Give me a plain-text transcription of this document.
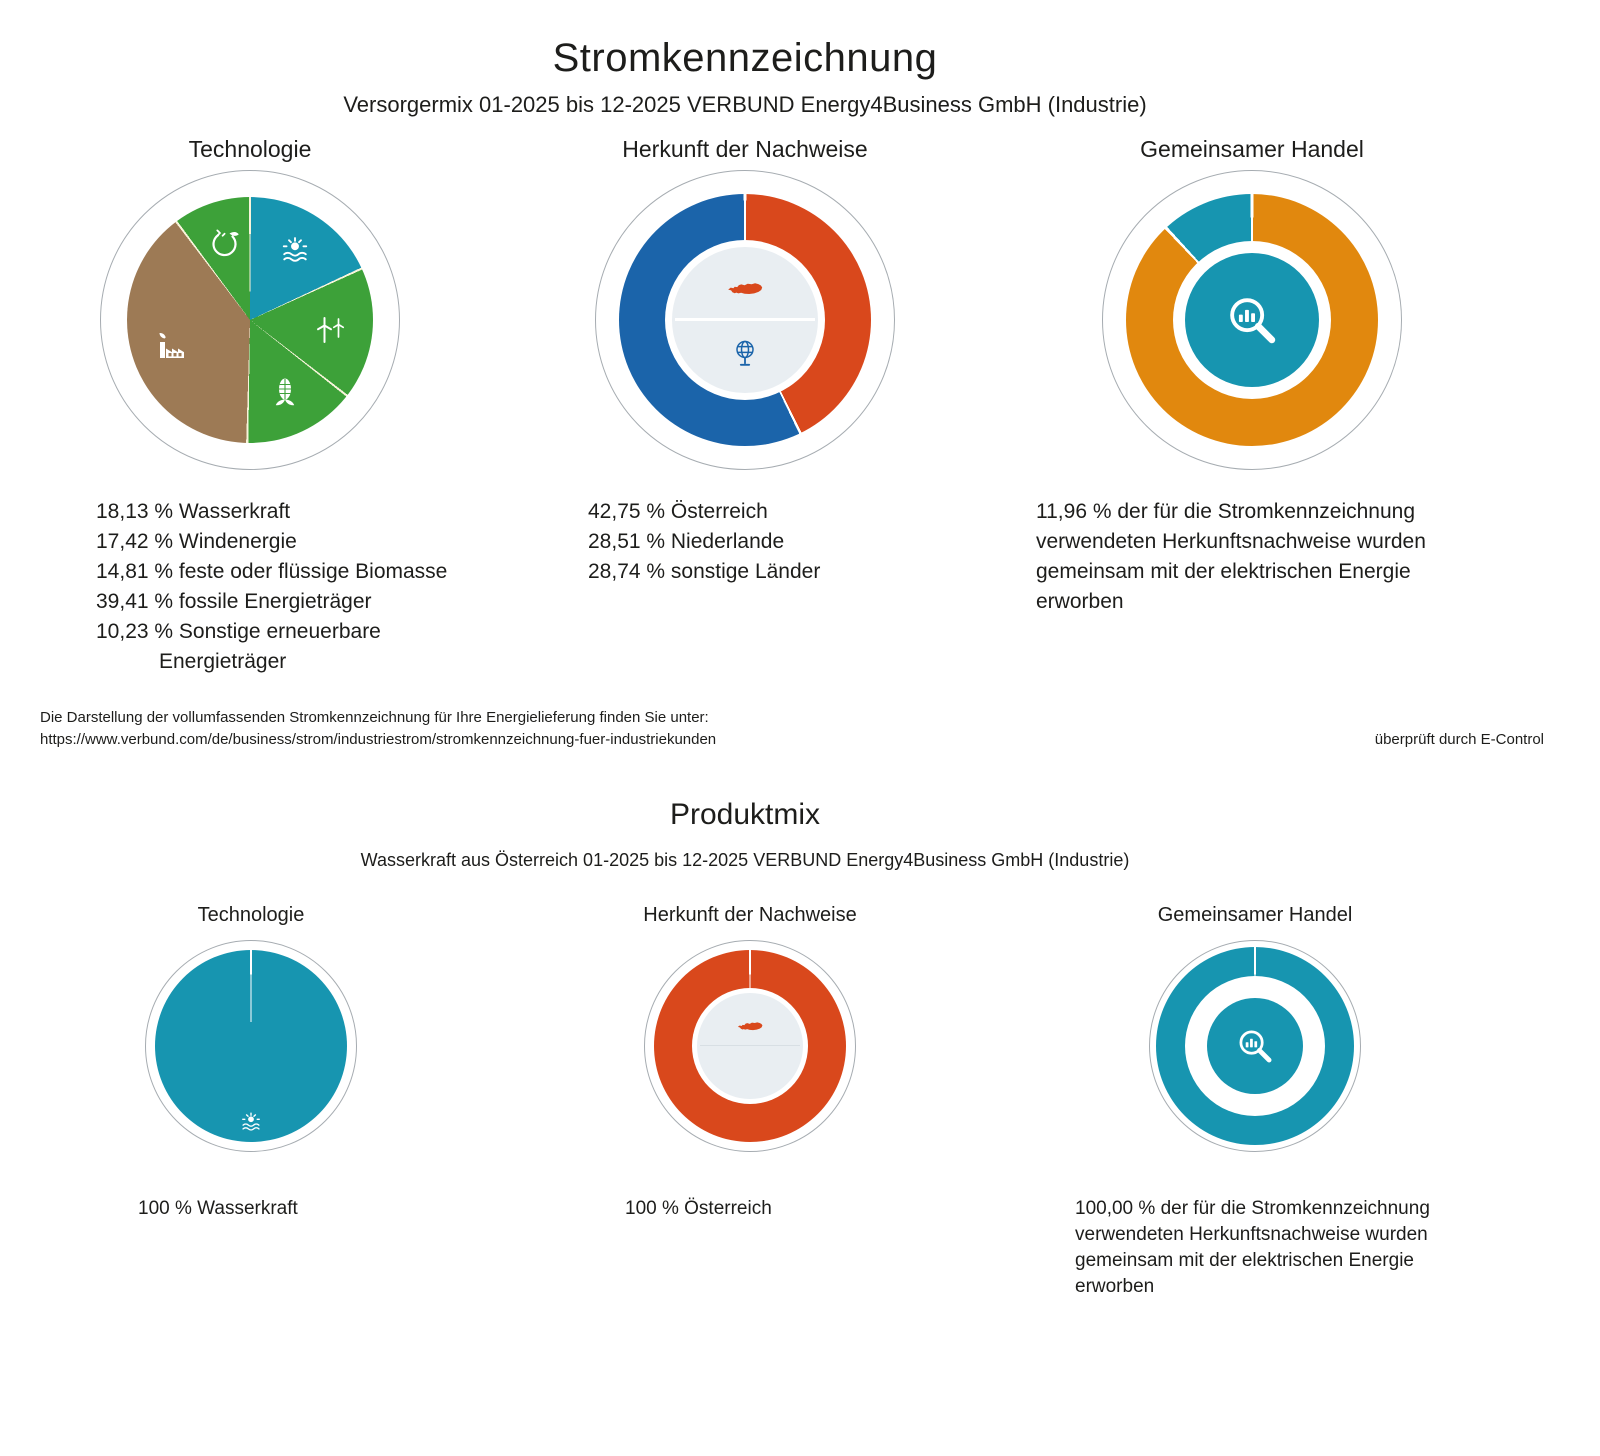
Stromkennzeichnung
Versorgermix 01-2025 bis 12-2025 VERBUND Energy4Business GmbH (Industrie)
Technologie	Herkunft der Nachweise	Gemeinsamer Handel
18,13 % Wasserkraft
17,42 % Windenergie
14,81 % feste oder flüssige Biomasse
39,41 % fossile Energieträger
10,23 % Sonstige erneuerbare
Energieträger
42,75 % Österreich
28,51 % Niederlande
28,74 % sonstige Länder
11,96 % der für die Stromkennzeichnung
verwendeten Herkunftsnachweise wurden
gemeinsam mit der elektrischen Energie
erworben
Die Darstellung der vollumfassenden Stromkennzeichnung für Ihre Energielieferung finden Sie unter:
https://www.verbund.com/de/business/strom/industriestrom/stromkennzeichnung-fuer-industriekunden	überprüft durch E-Control
Produktmix
Wasserkraft aus Österreich 01-2025 bis 12-2025 VERBUND Energy4Business GmbH (Industrie)
Technologie	Herkunft der Nachweise	Gemeinsamer Handel
100 % Wasserkraft	100 % Österreich	100,00 % der für die Stromkennzeichnung
verwendeten Herkunftsnachweise wurden
gemeinsam mit der elektrischen Energie
erworben
